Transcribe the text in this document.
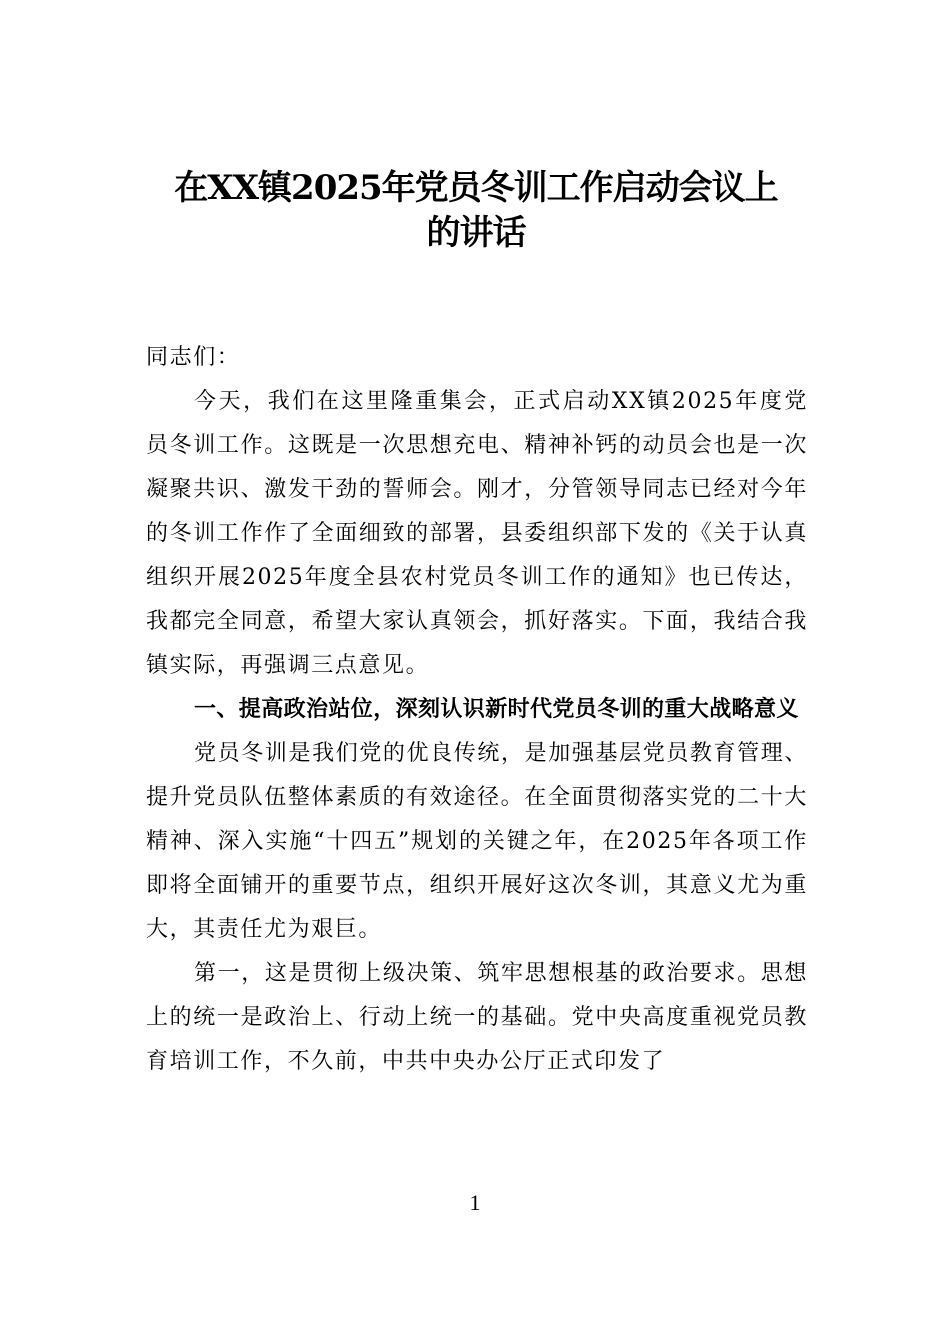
在XX镇2025年党员冬训工作启动会议上
的讲话

同志们：

今天，我们在这里隆重集会，正式启动XX镇2025年度党员冬训工作。这既是一次思想充电、精神补钙的动员会也是一次凝聚共识、激发干劲的誓师会。刚才，分管领导同志已经对今年的冬训工作作了全面细致的部署，县委组织部下发的《关于认真组织开展2025年度全县农村党员冬训工作的通知》也已传达，我都完全同意，希望大家认真领会，抓好落实。下面，我结合我镇实际，再强调三点意见。

一、提高政治站位，深刻认识新时代党员冬训的重大战略意义

党员冬训是我们党的优良传统，是加强基层党员教育管理、提升党员队伍整体素质的有效途径。在全面贯彻落实党的二十大精神、深入实施“十四五”规划的关键之年，在2025年各项工作即将全面铺开的重要节点，组织开展好这次冬训，其意义尤为重大，其责任尤为艰巨。

第一，这是贯彻上级决策、筑牢思想根基的政治要求。思想上的统一是政治上、行动上统一的基础。党中央高度重视党员教育培训工作，不久前，中共中央办公厅正式印发了

1
